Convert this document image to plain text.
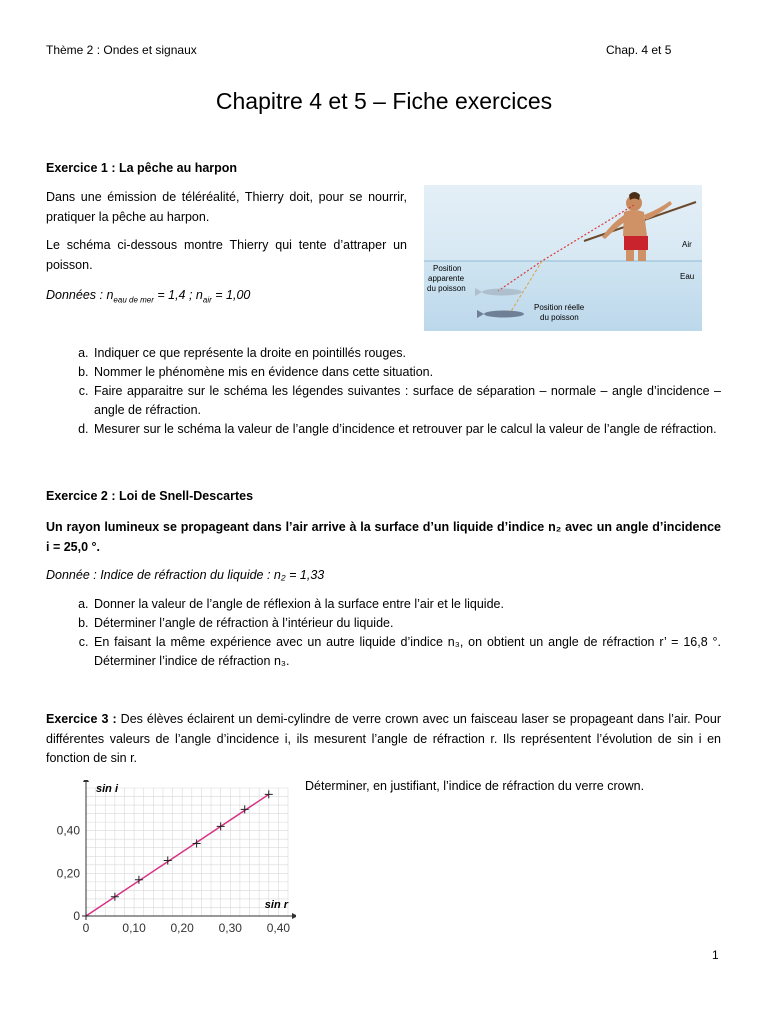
Thème 2 : Ondes et signaux	Chap. 4 et 5
Chapitre 4 et 5 – Fiche exercices
Exercice 1 : La pêche au harpon
Dans une émission de téléréalité, Thierry doit, pour se nourrir, pratiquer la pêche au harpon.
Le schéma ci-dessous montre Thierry qui tente d’attraper un poisson.
Données : $n_{eau de mer} = 1,4$ ; $n_{air} = 1,00$
Air
Eau
Position
apparente
du poisson
Position réelle
du poisson
a. Indiquer ce que représente la droite en pointillés rouges.
b. Nommer le phénomène mis en évidence dans cette situation.
c. Faire apparaitre sur le schéma les légendes suivantes : surface de séparation – normale – angle d’incidence – angle de réfraction.
d. Mesurer sur le schéma la valeur de l’angle d’incidence et retrouver par le calcul la valeur de l’angle de réfraction.
Exercice 2 : Loi de Snell-Descartes
Un rayon lumineux se propageant dans l’air arrive à la surface d’un liquide d’indice n₂ avec un angle d’incidence i = 25,0 °.
Donnée : Indice de réfraction du liquide : n₂ = 1,33
a. Donner la valeur de l’angle de réflexion à la surface entre l’air et le liquide.
b. Déterminer l’angle de réfraction à l’intérieur du liquide.
c. En faisant la même expérience avec un autre liquide d’indice n₃, on obtient un angle de réfraction r’ = 16,8 °. Déterminer l’indice de réfraction n₃.
Exercice 3 : Des élèves éclairent un demi-cylindre de verre crown avec un faisceau laser se propageant dans l’air. Pour différentes valeurs de l’angle d’incidence i, ils mesurent l’angle de réfraction r. Ils représentent l’évolution de sin i en fonction de sin r.
Déterminer, en justifiant, l’indice de réfraction du verre crown.
0	0,10 0,20 0,30 0,40
0
0,20
0,40
sin r
sin i
1
